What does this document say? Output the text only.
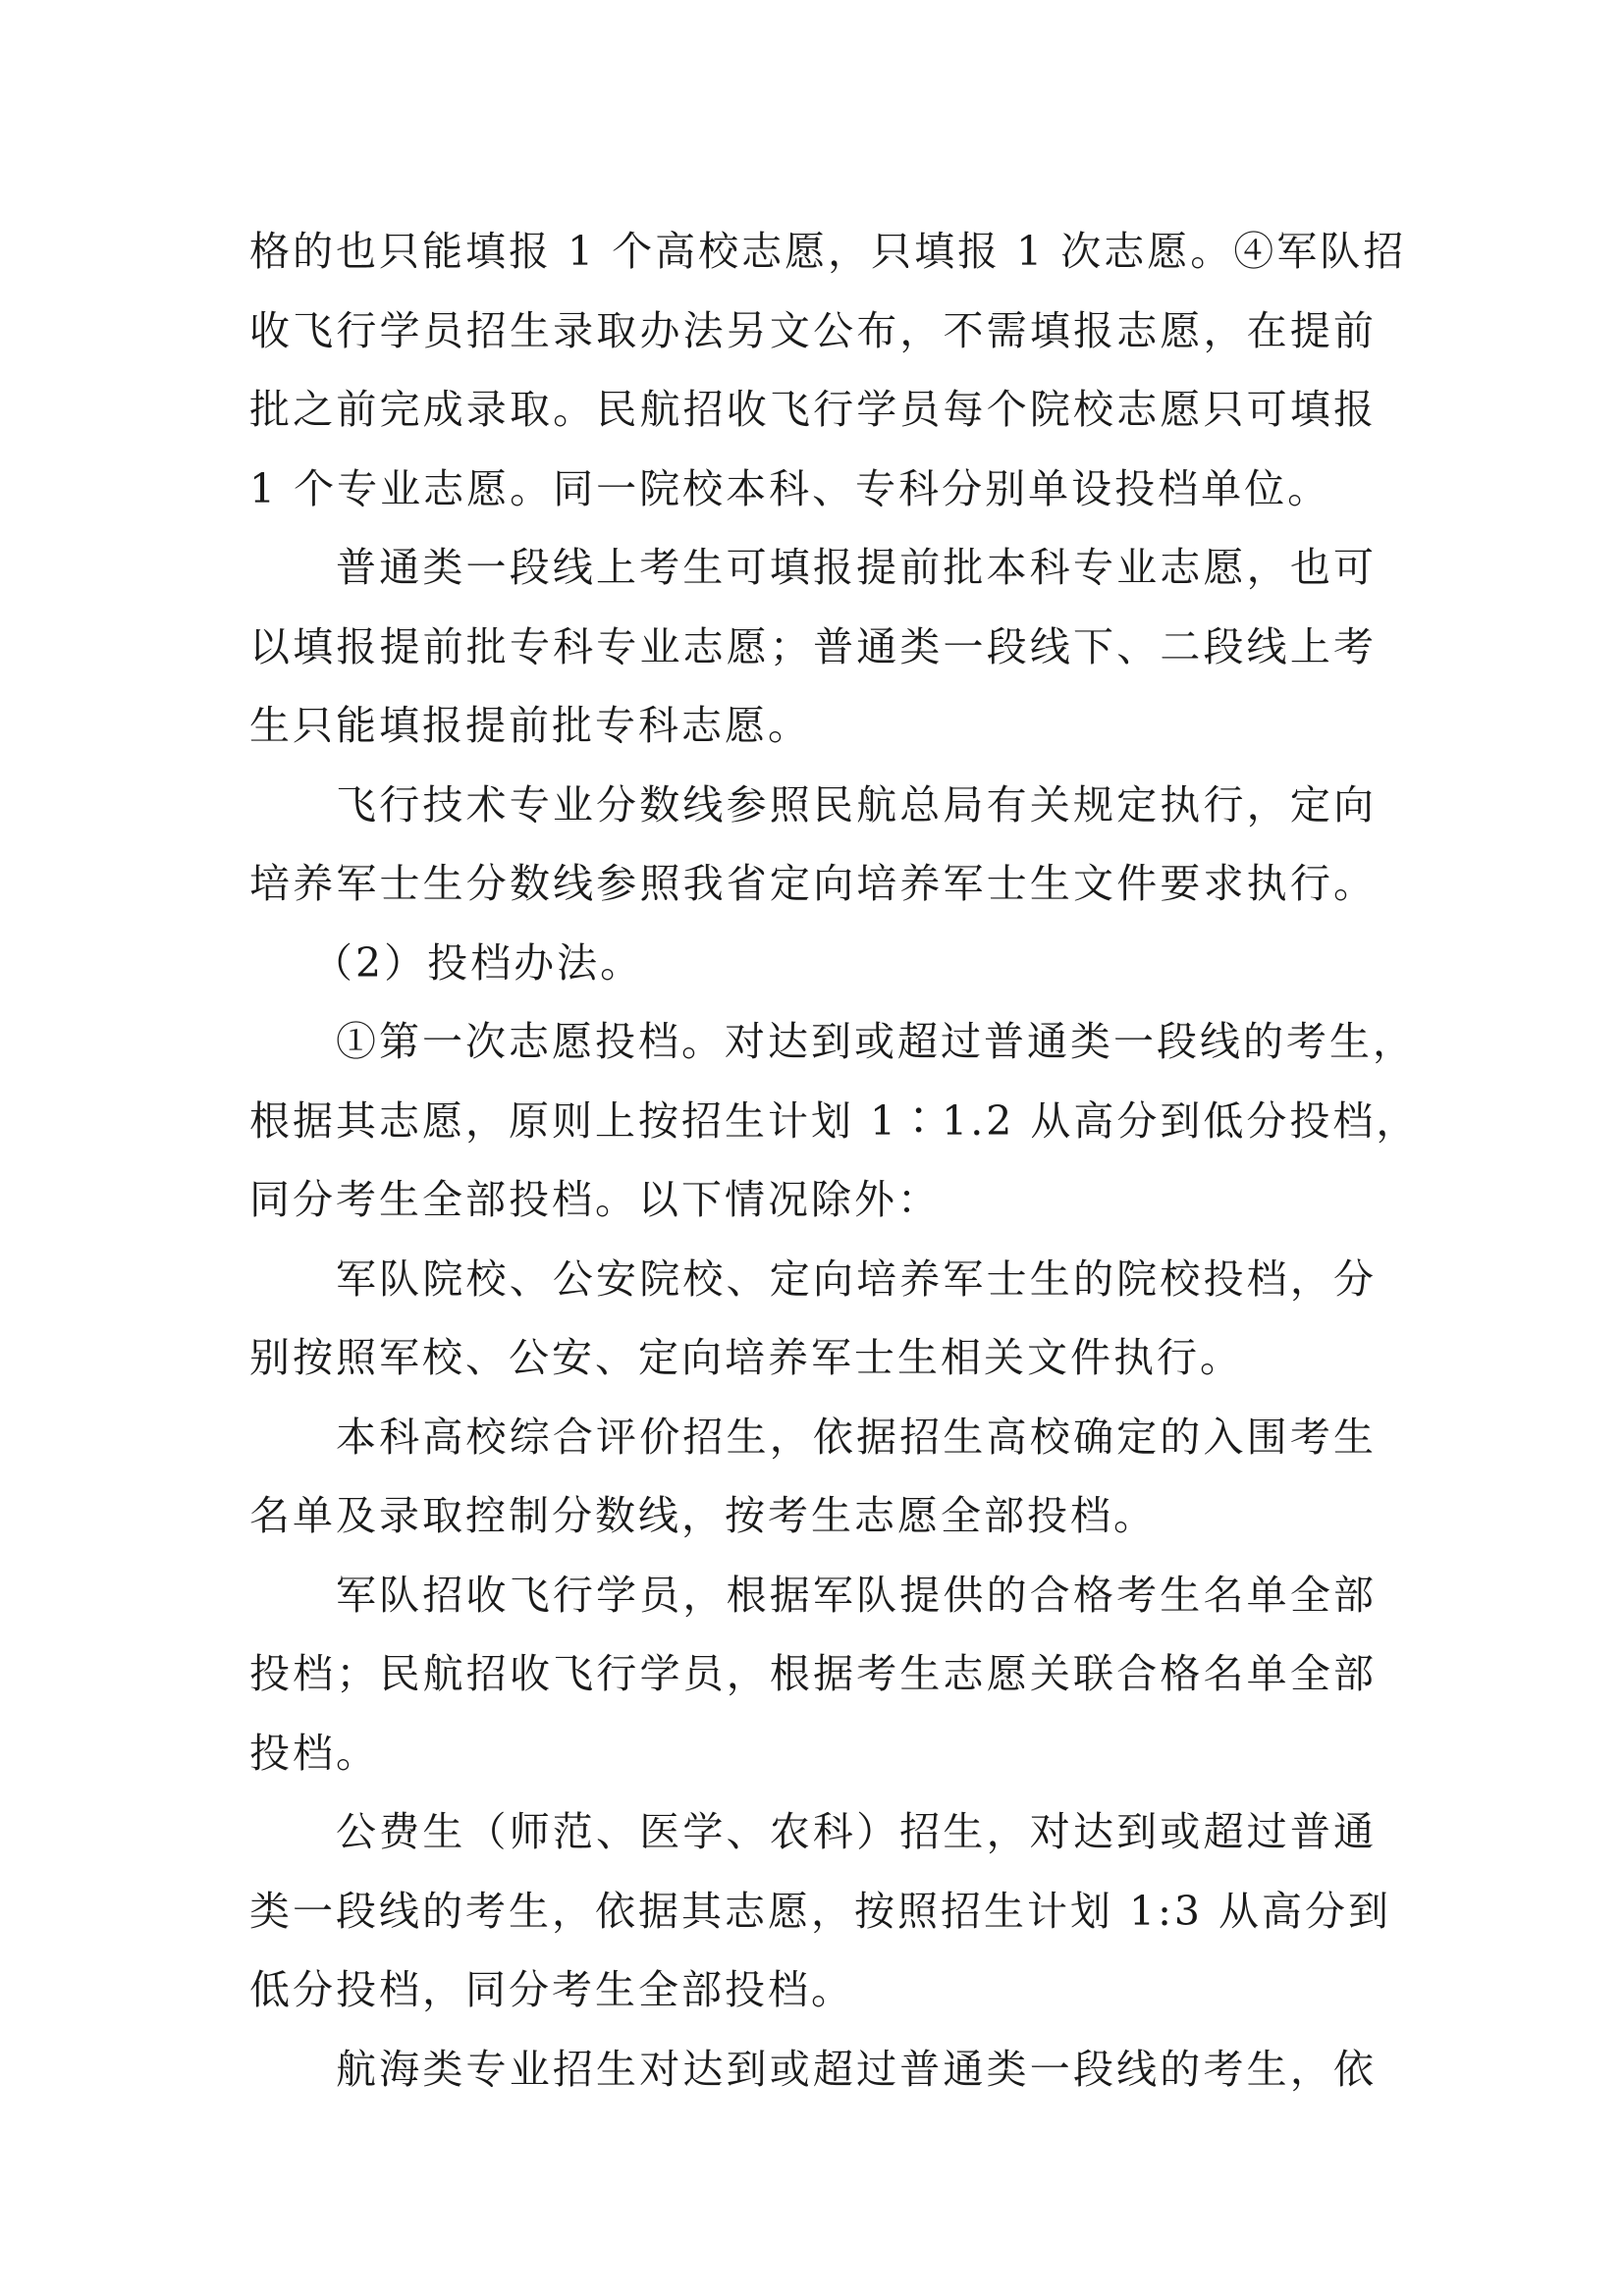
格的也只能填报 1 个高校志愿，只填报 1 次志愿。④军队招
收飞行学员招生录取办法另文公布，不需填报志愿，在提前
批之前完成录取。民航招收飞行学员每个院校志愿只可填报
1 个专业志愿。同一院校本科、专科分别单设投档单位。
普通类一段线上考生可填报提前批本科专业志愿，也可
以填报提前批专科专业志愿；普通类一段线下、二段线上考
生只能填报提前批专科志愿。
飞行技术专业分数线参照民航总局有关规定执行，定向
培养军士生分数线参照我省定向培养军士生文件要求执行。
（2）投档办法。
①第一次志愿投档。对达到或超过普通类一段线的考生，
根据其志愿，原则上按招生计划 1∶1.2 从高分到低分投档，
同分考生全部投档。以下情况除外：
军队院校、公安院校、定向培养军士生的院校投档，分
别按照军校、公安、定向培养军士生相关文件执行。
本科高校综合评价招生，依据招生高校确定的入围考生
名单及录取控制分数线，按考生志愿全部投档。
军队招收飞行学员，根据军队提供的合格考生名单全部
投档；民航招收飞行学员，根据考生志愿关联合格名单全部
投档。
公费生（师范、医学、农科）招生，对达到或超过普通
类一段线的考生，依据其志愿，按照招生计划 1:3 从高分到
低分投档，同分考生全部投档。
航海类专业招生对达到或超过普通类一段线的考生，依
